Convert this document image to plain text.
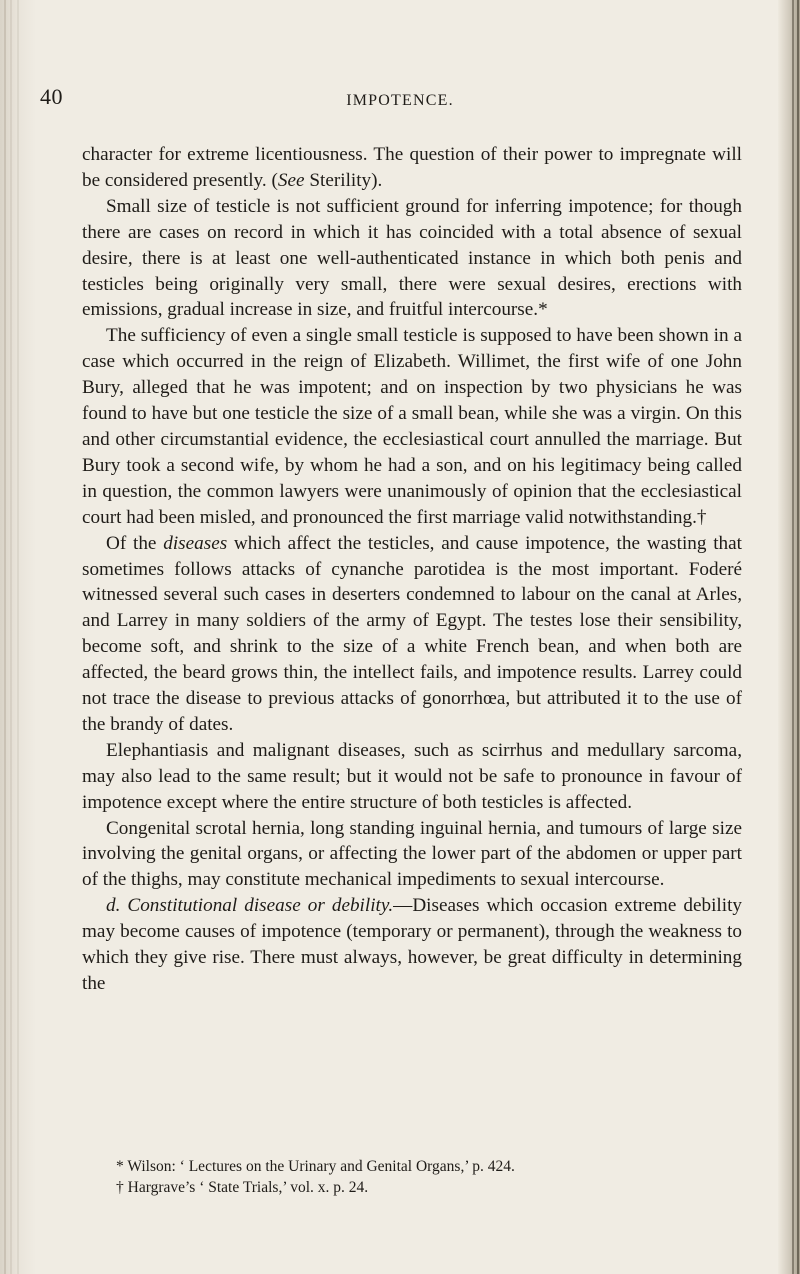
40	IMPOTENCE.

character for extreme licentiousness. The question of their power to impregnate will be considered presently. (See Sterility).

Small size of testicle is not sufficient ground for inferring impotence; for though there are cases on record in which it has coincided with a total absence of sexual desire, there is at least one well-authenticated instance in which both penis and testicles being originally very small, there were sexual desires, erections with emissions, gradual increase in size, and fruitful intercourse.*

The sufficiency of even a single small testicle is supposed to have been shown in a case which occurred in the reign of Elizabeth. Willimet, the first wife of one John Bury, alleged that he was impotent; and on inspection by two physicians he was found to have but one testicle the size of a small bean, while she was a virgin. On this and other circumstantial evidence, the ecclesiastical court annulled the marriage. But Bury took a second wife, by whom he had a son, and on his legitimacy being called in question, the common lawyers were unanimously of opinion that the ecclesiastical court had been misled, and pronounced the first marriage valid notwithstanding.†

Of the diseases which affect the testicles, and cause impotence, the wasting that sometimes follows attacks of cynanche parotidea is the most important. Foderé witnessed several such cases in deserters condemned to labour on the canal at Arles, and Larrey in many soldiers of the army of Egypt. The testes lose their sensibility, become soft, and shrink to the size of a white French bean, and when both are affected, the beard grows thin, the intellect fails, and impotence results. Larrey could not trace the disease to previous attacks of gonorrhœa, but attributed it to the use of the brandy of dates.

Elephantiasis and malignant diseases, such as scirrhus and medullary sarcoma, may also lead to the same result; but it would not be safe to pronounce in favour of impotence except where the entire structure of both testicles is affected.

Congenital scrotal hernia, long standing inguinal hernia, and tumours of large size involving the genital organs, or affecting the lower part of the abdomen or upper part of the thighs, may constitute mechanical impediments to sexual intercourse.

d. Constitutional disease or debility.—Diseases which occasion extreme debility may become causes of impotence (temporary or permanent), through the weakness to which they give rise. There must always, however, be great difficulty in determining the

* Wilson: ‘ Lectures on the Urinary and Genital Organs,’ p. 424.

† Hargrave’s ‘ State Trials,’ vol. x. p. 24.
